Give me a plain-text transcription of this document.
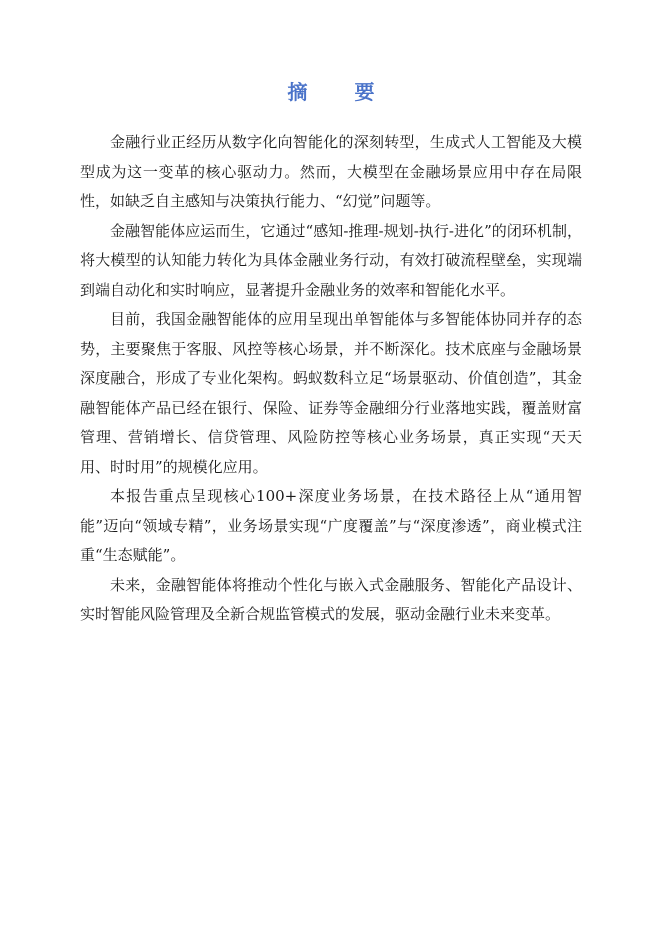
摘 要

金融行业正经历从数字化向智能化的深刻转型，生成式人工智能及大模型成为这一变革的核心驱动力。然而，大模型在金融场景应用中存在局限性，如缺乏自主感知与决策执行能力、“幻觉”问题等。

金融智能体应运而生，它通过“感知-推理-规划-执行-进化”的闭环机制，将大模型的认知能力转化为具体金融业务行动，有效打破流程壁垒，实现端到端自动化和实时响应，显著提升金融业务的效率和智能化水平。

目前，我国金融智能体的应用呈现出单智能体与多智能体协同并存的态势，主要聚焦于客服、风控等核心场景，并不断深化。技术底座与金融场景深度融合，形成了专业化架构。蚂蚁数科立足“场景驱动、价值创造”，其金融智能体产品已经在银行、保险、证券等金融细分行业落地实践，覆盖财富管理、营销增长、信贷管理、风险防控等核心业务场景，真正实现“天天用、时时用”的规模化应用。

本报告重点呈现核心100+深度业务场景，在技术路径上从“通用智能”迈向“领域专精”，业务场景实现“广度覆盖”与“深度渗透”，商业模式注重“生态赋能”。

未来，金融智能体将推动个性化与嵌入式金融服务、智能化产品设计、实时智能风险管理及全新合规监管模式的发展，驱动金融行业未来变革。
